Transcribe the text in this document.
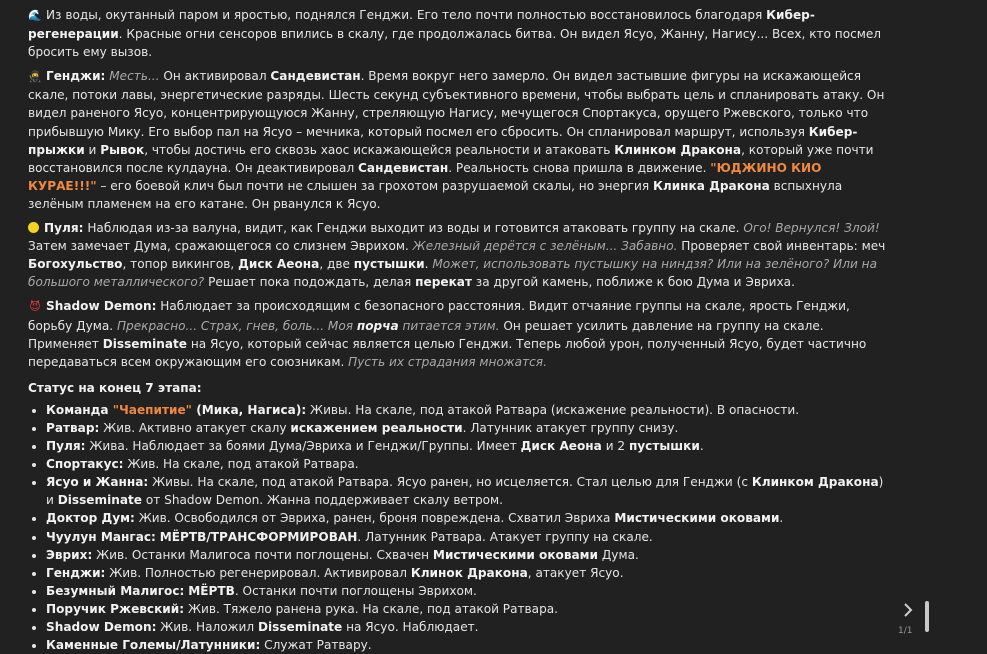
🌊 Из воды, окутанный паром и яростью, поднялся Генджи. Его тело почти полностью восстановилось благодаря Кибер-регенерации. Красные огни сенсоров впились в скалу, где продолжалась битва. Он видел Ясуо, Жанну, Нагису... Всех, кто посмел бросить ему вызов.

🥷 Генджи: Месть... Он активировал Сандевистан. Время вокруг него замерло. Он видел застывшие фигуры на искажающейся скале, потоки лавы, энергетические разряды. Шесть секунд субъективного времени, чтобы выбрать цель и спланировать атаку. Он видел раненого Ясуо, концентрирующуюся Жанну, стреляющую Нагису, мечущегося Спортакуса, орущего Ржевского, только что прибывшую Мику. Его выбор пал на Ясуо – мечника, который посмел его сбросить. Он спланировал маршрут, используя Кибер-прыжки и Рывок, чтобы достичь его сквозь хаос искажающейся реальности и атаковать Клинком Дракона, который уже почти восстановился после кулдауна. Он деактивировал Сандевистан. Реальность снова пришла в движение. "ЮДЖИНО КИО КУРАЕ!!!" – его боевой клич был почти не слышен за грохотом разрушаемой скалы, но энергия Клинка Дракона вспыхнула зелёным пламенем на его катане. Он рванулся к Ясуо.

Пуля: Наблюдая из-за валуна, видит, как Генджи выходит из воды и готовится атаковать группу на скале. Ого! Вернулся! Злой! Затем замечает Дума, сражающегося со слизнем Эврихом. Железный дерётся с зелёным... Забавно. Проверяет свой инвентарь: меч Богохульство, топор викингов, Диск Аеона, две пустышки. Может, использовать пустышку на ниндзя? Или на зелёного? Или на большого металлического? Решает пока подождать, делая перекат за другой камень, поближе к бою Дума и Эвриха.

😈 Shadow Demon: Наблюдает за происходящим с безопасного расстояния. Видит отчаяние группы на скале, ярость Генджи, борьбу Дума. Прекрасно... Страх, гнев, боль... Моя порча питается этим. Он решает усилить давление на группу на скале. Применяет Disseminate на Ясуо, который сейчас является целью Генджи. Теперь любой урон, полученный Ясуо, будет частично передаваться всем окружающим его союзникам. Пусть их страдания множатся.

Статус на конец 7 этапа:
• Команда "Чаепитие" (Мика, Нагиса): Живы. На скале, под атакой Ратвара (искажение реальности). В опасности.
• Ратвар: Жив. Активно атакует скалу искажением реальности. Латунник атакует группу снизу.
• Пуля: Жива. Наблюдает за боями Дума/Эвриха и Генджи/Группы. Имеет Диск Аеона и 2 пустышки.
• Спортакус: Жив. На скале, под атакой Ратвара.
• Ясуо и Жанна: Живы. На скале, под атакой Ратвара. Ясуо ранен, но исцеляется. Стал целью для Генджи (с Клинком Дракона) и Disseminate от Shadow Demon. Жанна поддерживает скалу ветром.
• Доктор Дум: Жив. Освободился от Эвриха, ранен, броня повреждена. Схватил Эвриха Мистическими оковами.
• Чуулун Мангас: МЁРТВ/ТРАНСФОРМИРОВАН. Латунник Ратвара. Атакует группу на скале.
• Эврих: Жив. Останки Малигоса почти поглощены. Схвачен Мистическими оковами Дума.
• Генджи: Жив. Полностью регенерировал. Активировал Клинок Дракона, атакует Ясуо.
• Безумный Малигос: МЁРТВ. Останки почти поглощены Эврихом.
• Поручик Ржевский: Жив. Тяжело ранена рука. На скале, под атакой Ратвара.
• Shadow Demon: Жив. Наложил Disseminate на Ясуо. Наблюдает.
• Каменные Големы/Латунники: Служат Ратвару.
1/1
